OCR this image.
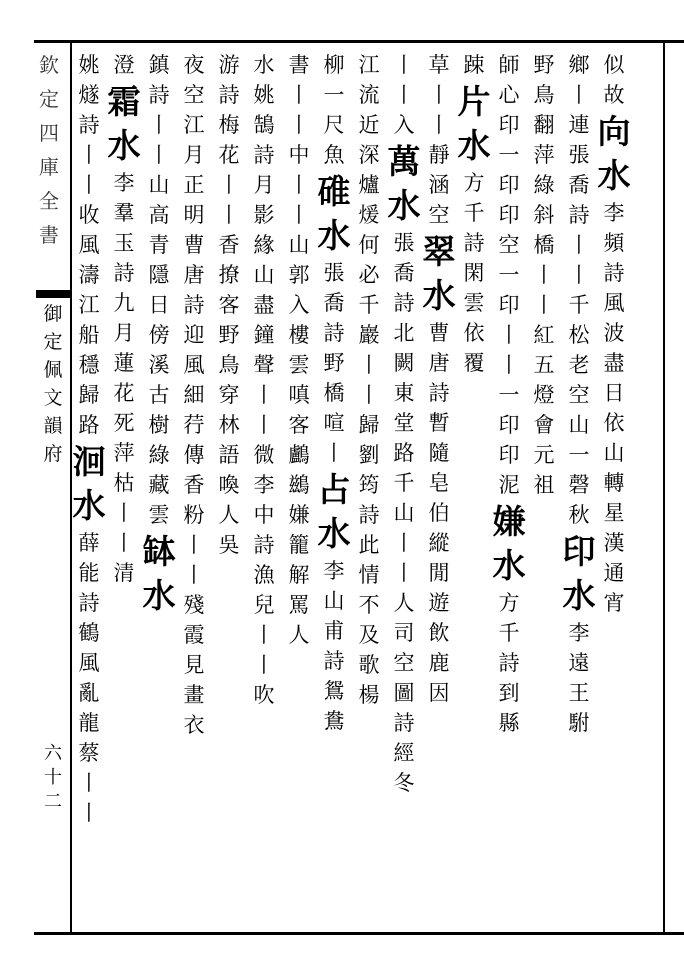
欽
定
四
庫
全
書
御
定
佩
文
韻
府
六
十
二
似
故
向
水
李
頻
詩
風
波
盡
日
依
山
轉
星
漢
通
宵
鄉
丨
連
張
喬
詩
丨
丨
千
松
老
空
山
一
磬
秋
印
水
李
遠
王
駙
野
鳥
翻
萍
綠
斜
橋
丨
丨
紅
五
燈
會
元
祖
師
心
印
一
印
印
空
一
印
丨
丨
一
印
印
泥
嫌
水
方
千
詩
到
縣
踈
片
水
方
千
詩
閑
雲
依
覆
草
丨
丨
靜
涵
空
翠
水
曹
唐
詩
暫
隨
皂
伯
縱
閒
遊
飲
鹿
因
丨
丨
入
萬
水
張
喬
詩
北
闕
東
堂
路
千
山
丨
丨
人
司
空
圖
詩
經
冬
江
流
近
深
爐
煖
何
必
千
巖
丨
丨
歸
劉
筠
詩
此
情
不
及
歌
楊
柳
一
尺
魚
碓
水
張
喬
詩
野
橋
喧
丨
占
水
李
山
甫
詩
鴛
鴦
書
丨
丨
中
丨
丨
山
郭
入
樓
雲
嗔
客
鸕
鷀
嫌
籠
解
罵
人
水
姚
鵠
詩
月
影
緣
山
盡
鐘
聲
丨
丨
微
李
中
詩
漁
兒
丨
丨
吹
游
詩
梅
花
丨
丨
香
撩
客
野
鳥
穿
林
語
喚
人
吳
夜
空
江
月
正
明
曹
唐
詩
迎
風
細
荇
傳
香
粉
丨
丨
殘
霞
見
畫
衣
鎮
詩
丨
丨
山
高
青
隱
日
傍
溪
古
樹
綠
藏
雲
缽
水
澄
霜
水
李
羣
玉
詩
九
月
蓮
花
死
萍
枯
丨
丨
清
姚
燧
詩
丨
丨
收
風
濤
江
船
穩
歸
路
洄
水
薛
能
詩
鶴
風
亂
龍
蔡
丨
丨
